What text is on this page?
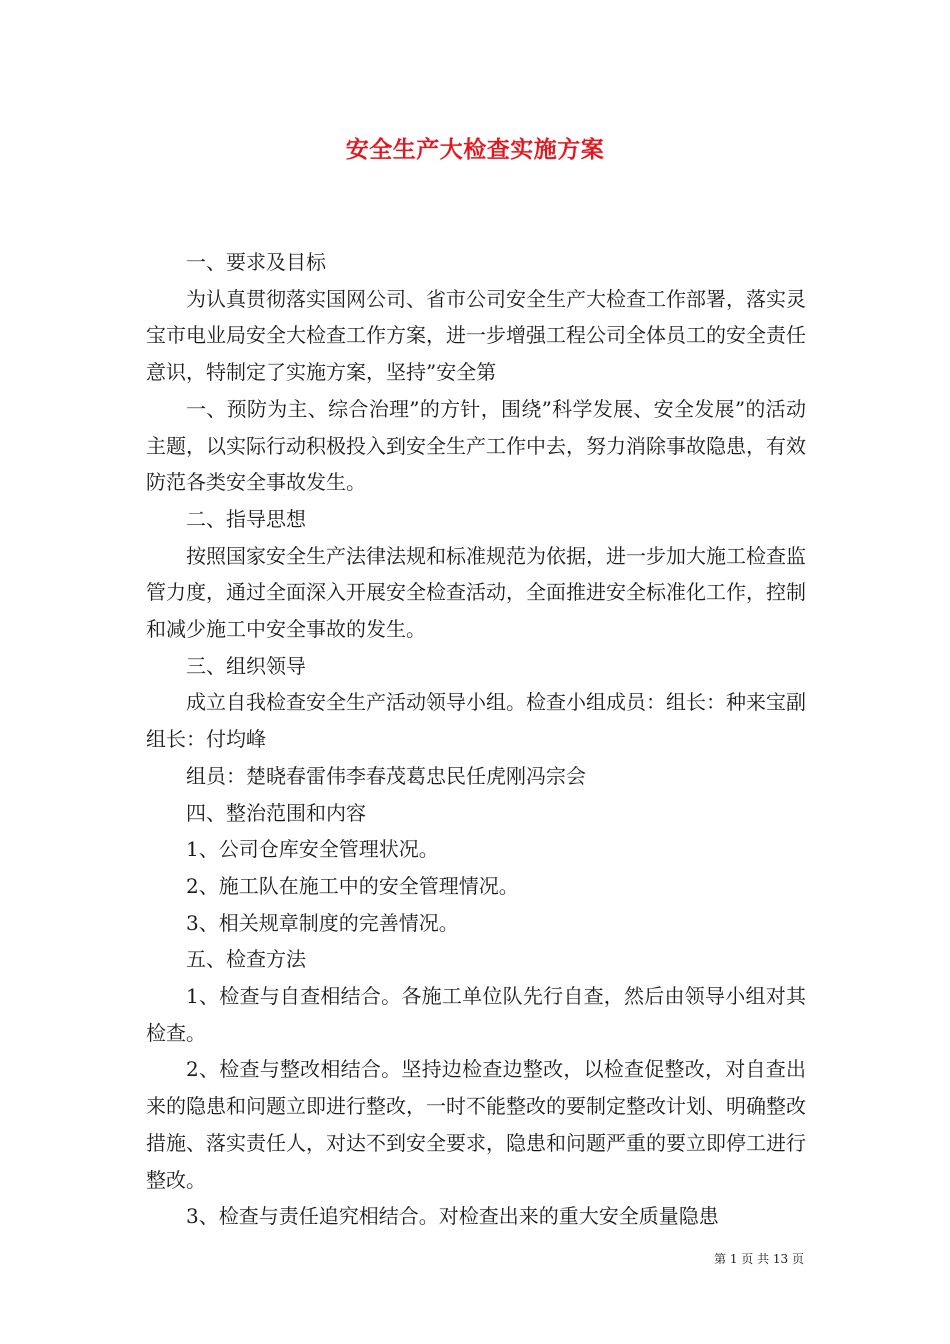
安全生产大检查实施方案

一、要求及目标

为认真贯彻落实国网公司、省市公司安全生产大检查工作部署，落实灵宝市电业局安全大检查工作方案，进一步增强工程公司全体员工的安全责任意识，特制定了实施方案，坚持”安全第

一、预防为主、综合治理”的方针，围绕”科学发展、安全发展”的活动主题，以实际行动积极投入到安全生产工作中去，努力消除事故隐患，有效防范各类安全事故发生。

二、指导思想

按照国家安全生产法律法规和标准规范为依据，进一步加大施工检查监管力度，通过全面深入开展安全检查活动，全面推进安全标准化工作，控制和减少施工中安全事故的发生。

三、组织领导

成立自我检查安全生产活动领导小组。检查小组成员：组长：种来宝副组长：付均峰

组员：楚晓春雷伟李春茂葛忠民任虎刚冯宗会

四、整治范围和内容

1、公司仓库安全管理状况。

2、施工队在施工中的安全管理情况。

3、相关规章制度的完善情况。

五、检查方法

1、检查与自查相结合。各施工单位队先行自查，然后由领导小组对其检查。

2、检查与整改相结合。坚持边检查边整改，以检查促整改，对自查出来的隐患和问题立即进行整改，一时不能整改的要制定整改计划、明确整改措施、落实责任人，对达不到安全要求，隐患和问题严重的要立即停工进行整改。

3、检查与责任追究相结合。对检查出来的重大安全质量隐患

第 1 页 共 13 页
